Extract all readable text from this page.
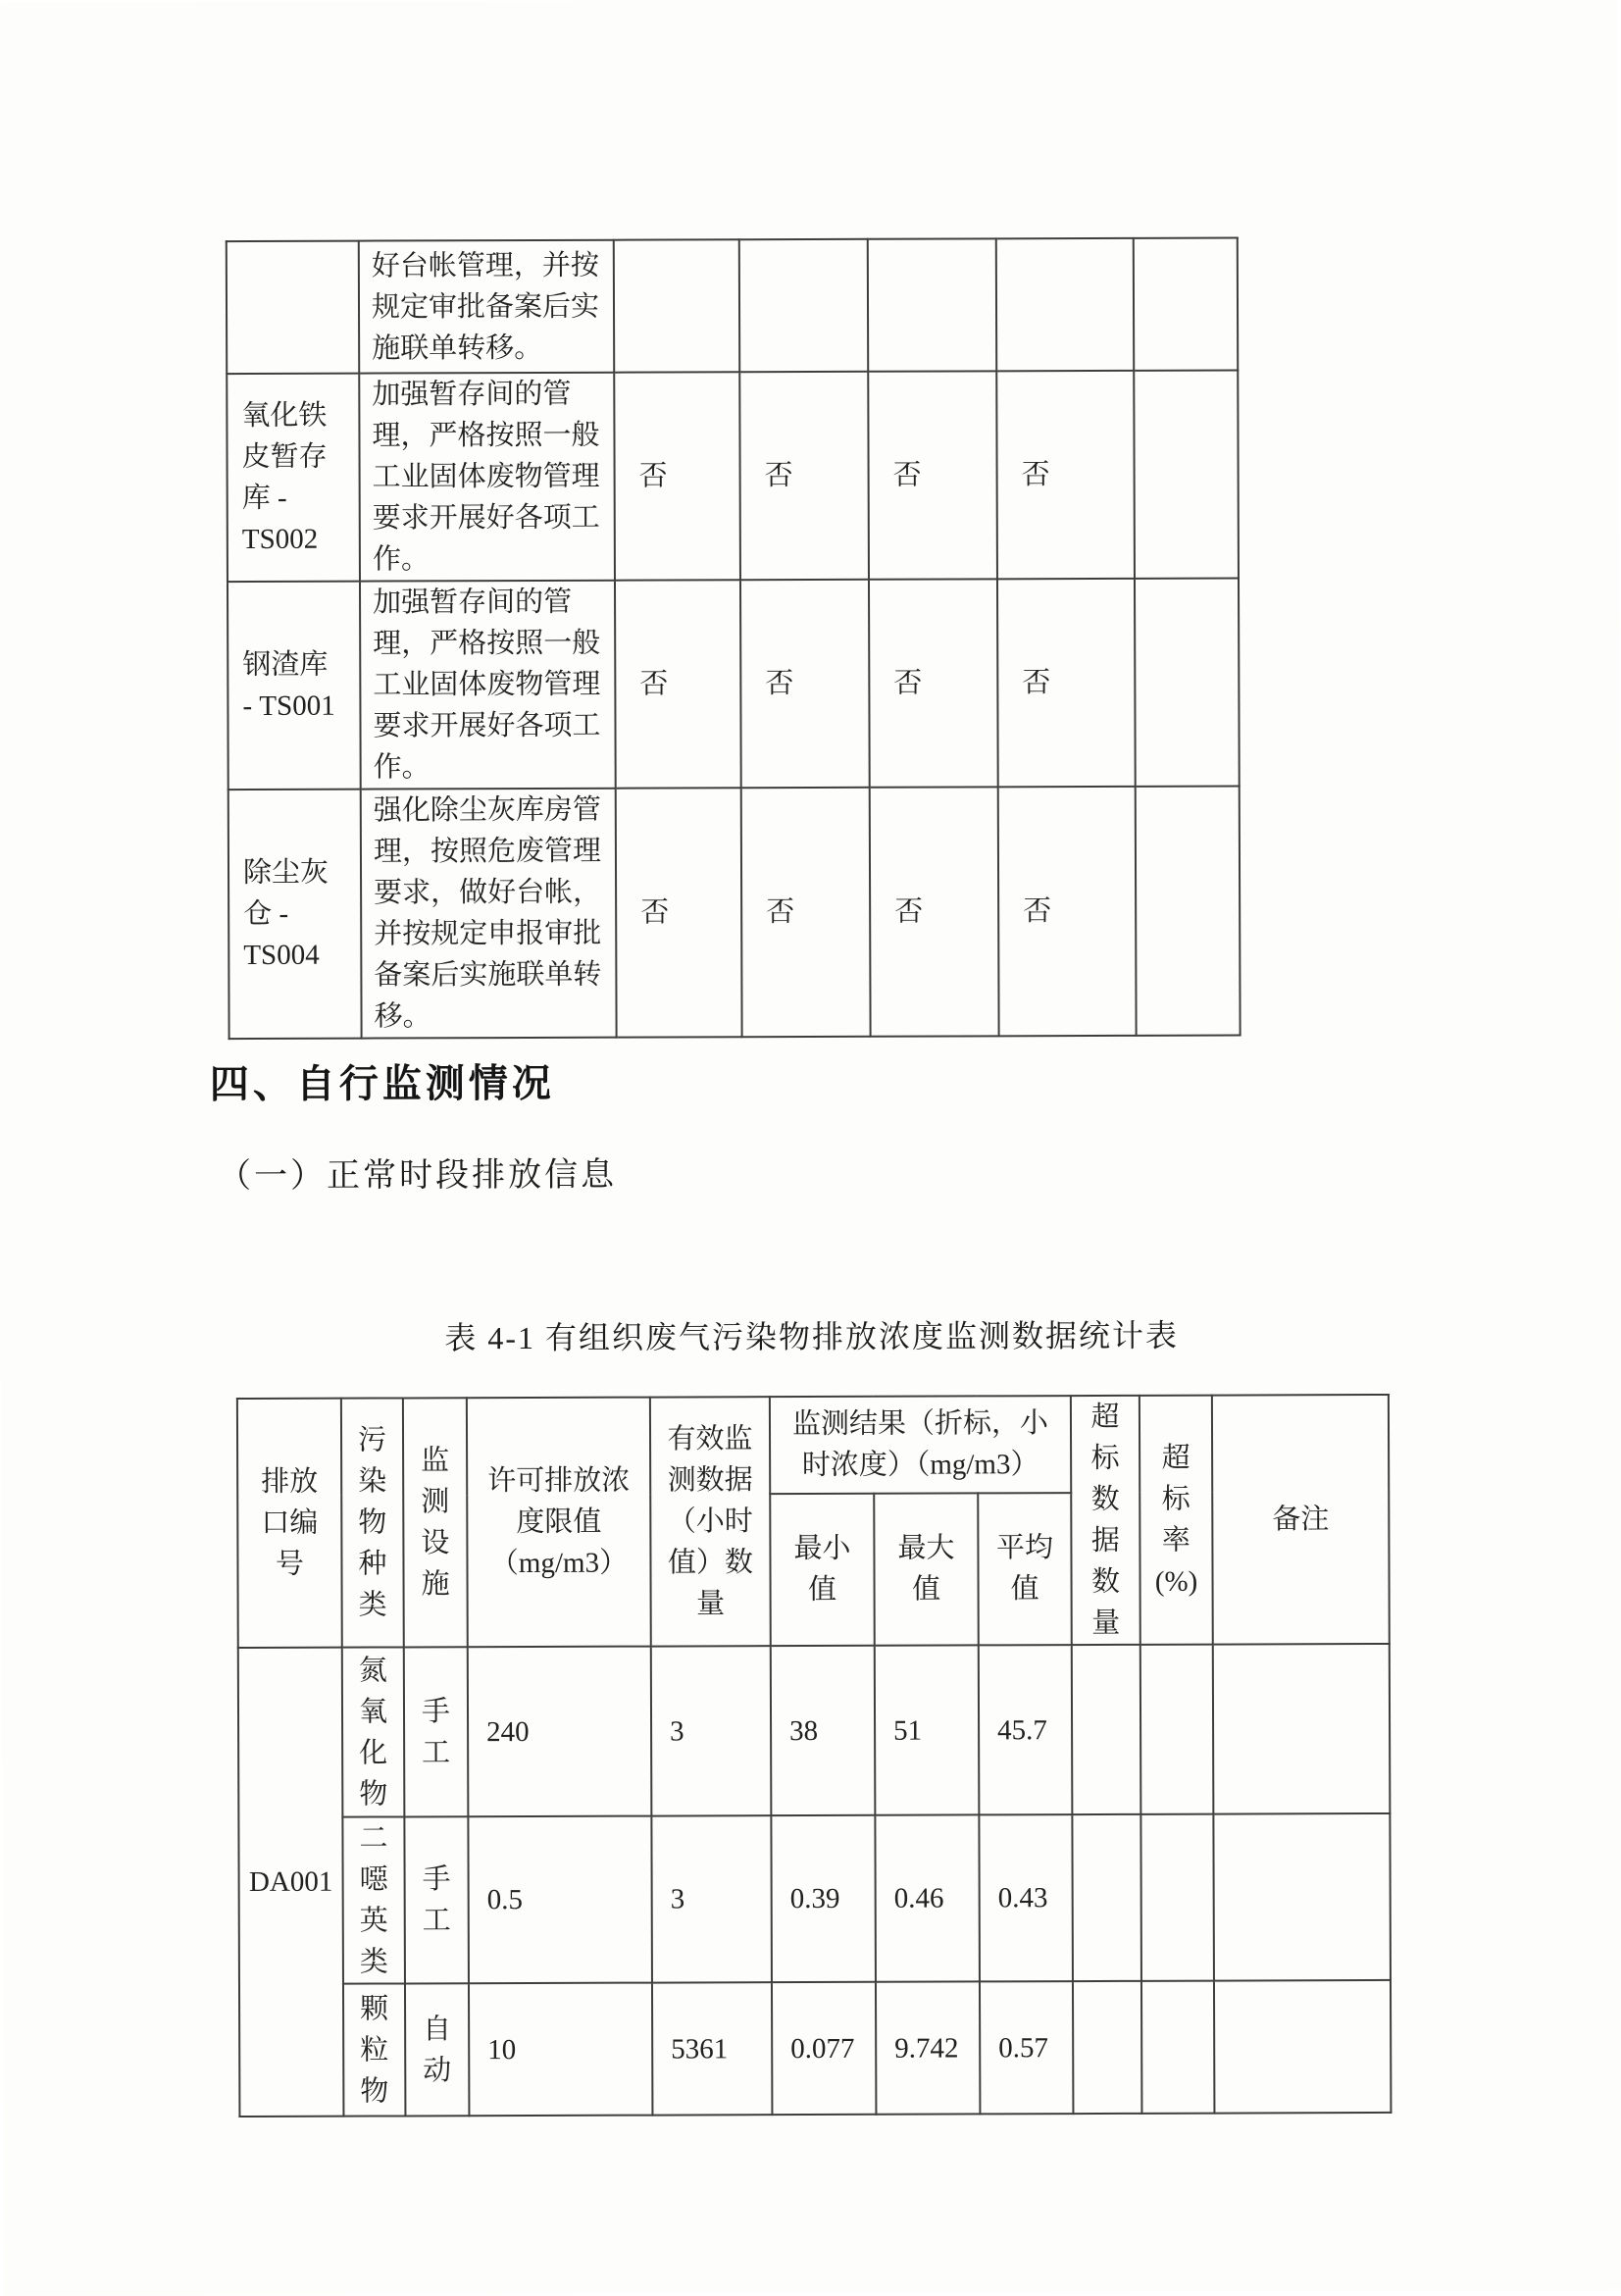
	好台帐管理，并按
规定审批备案后实
施联单转移。					
氧化铁
皮暂存
库 -
TS002	加强暂存间的管
理，严格按照一般
工业固体废物管理
要求开展好各项工
作。	否	否	否	否	
钢渣库
- TS001	加强暂存间的管
理，严格按照一般
工业固体废物管理
要求开展好各项工
作。	否	否	否	否	
除尘灰
仓 -
TS004	强化除尘灰库房管
理，按照危废管理
要求，做好台帐，
并按规定申报审批
备案后实施联单转
移。	否	否	否	否	
四、自行监测情况
（一）正常时段排放信息
表 4-1 有组织废气污染物排放浓度监测数据统计表
排放
口编
号	污
染
物
种
类	监
测
设
施	许可排放浓
度限值
（mg/m3）	有效监
测数据
（小时
值）数
量	监测结果（折标，小
时浓度）（mg/m3）	超
标
数
据
数
量	超
标
率
(%)	备注
					最小
值	最大
值	平均
值			
DA001	氮
氧
化
物	手
工	240	3	38	51	45.7			
	二
噁
英
类	手
工	0.5	3	0.39	0.46	0.43			
	颗
粒
物	自
动	10	5361	0.077	9.742	0.57			
